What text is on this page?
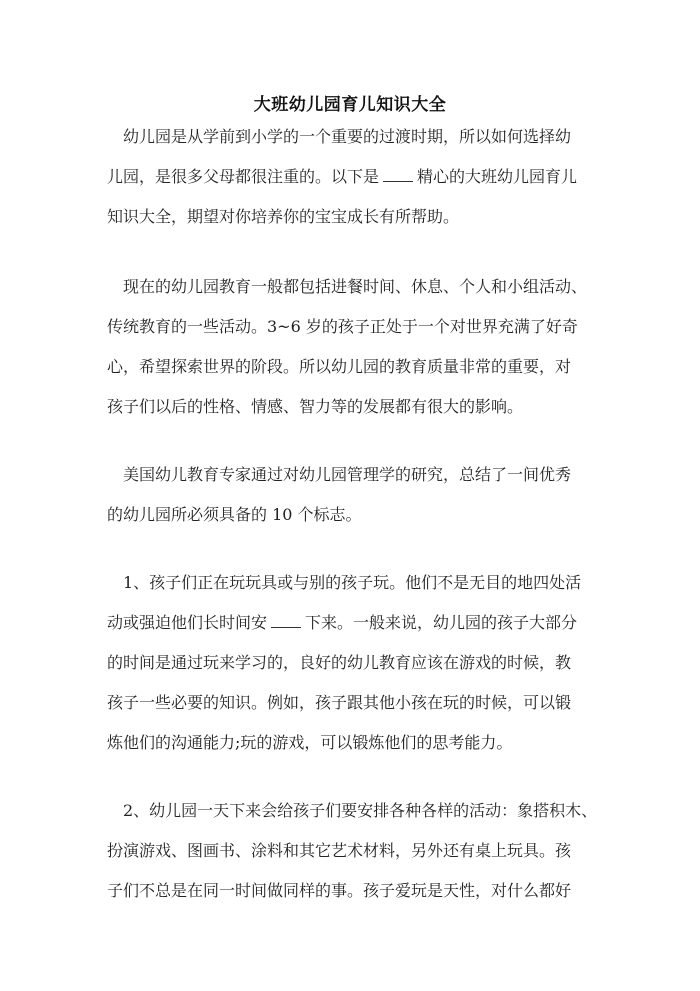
大班幼儿园育儿知识大全
　幼儿园是从学前到小学的一个重要的过渡时期，所以如何选择幼
儿园，是很多父母都很注重的。以下是 精心的大班幼儿园育儿
知识大全，期望对你培养你的宝宝成长有所帮助。
　现在的幼儿园教育一般都包括进餐时间、休息、个人和小组活动、
传统教育的一些活动。3~6 岁的孩子正处于一个对世界充满了好奇
心，希望探索世界的阶段。所以幼儿园的教育质量非常的重要，对
孩子们以后的性格、情感、智力等的发展都有很大的影响。
　美国幼儿教育专家通过对幼儿园管理学的研究，总结了一间优秀
的幼儿园所必须具备的 10 个标志。
　1、孩子们正在玩玩具或与别的孩子玩。他们不是无目的地四处活
动或强迫他们长时间安 下来。一般来说，幼儿园的孩子大部分
的时间是通过玩来学习的，良好的幼儿教育应该在游戏的时候，教
孩子一些必要的知识。例如，孩子跟其他小孩在玩的时候，可以锻
炼他们的沟通能力;玩的游戏，可以锻炼他们的思考能力。
　2、幼儿园一天下来会给孩子们要安排各种各样的活动：象搭积木、
扮演游戏、图画书、涂料和其它艺术材料，另外还有桌上玩具。孩
子们不总是在同一时间做同样的事。孩子爱玩是天性，对什么都好
